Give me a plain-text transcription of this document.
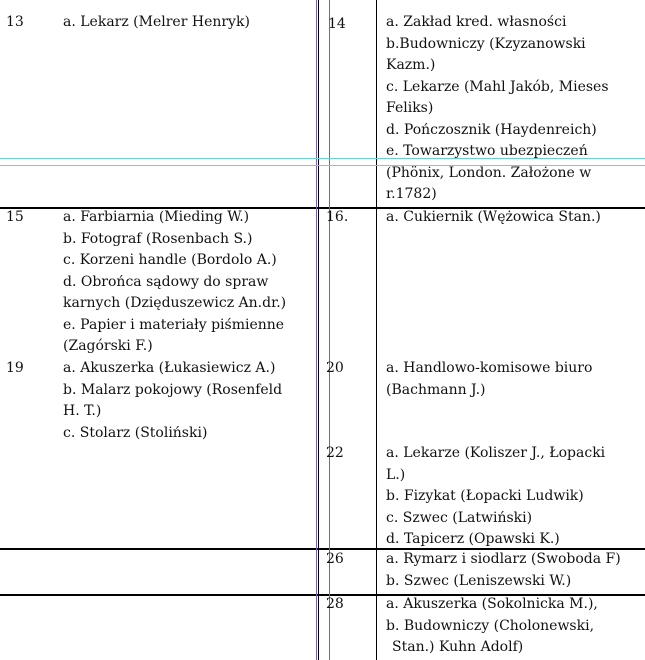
13	a. Lekarz (Melrer Henryk)	14	a. Zakład kred. własności
b.Budowniczy (Kzyzanowski
Kazm.)
c. Lekarze (Mahl Jakób, Mieses
Feliks)
d. Pończosznik (Haydenreich)
e. Towarzystwo ubezpieczeń
(Phönix, London. Założone w
r.1782)
15	a. Farbiarnia (Mieding W.)
b. Fotograf (Rosenbach S.)
c. Korzeni handle (Bordolo A.)
d. Obrońca sądowy do spraw
karnych (Dzięduszewicz An.dr.)
e. Papier i materiały piśmienne
(Zagórski F.)
16.	a. Cukiernik (Wężowica Stan.)
19	a. Akuszerka (Łukasiewicz A.)
b. Malarz pokojowy (Rosenfeld
H. T.)
c. Stolarz (Stoliński)
20	a. Handlowo-komisowe biuro
(Bachmann J.)
22	a. Lekarze (Koliszer J., Łopacki
L.)
b. Fizykat (Łopacki Ludwik)
c. Szwec (Latwiński)
d. Tapicerz (Opawski K.)
26	a. Rymarz i siodlarz (Swoboda F)
b. Szwec (Leniszewski W.)
28	a. Akuszerka (Sokolnicka M.),
b. Budowniczy (Cholonewski,
Stan.) Kuhn Adolf)
